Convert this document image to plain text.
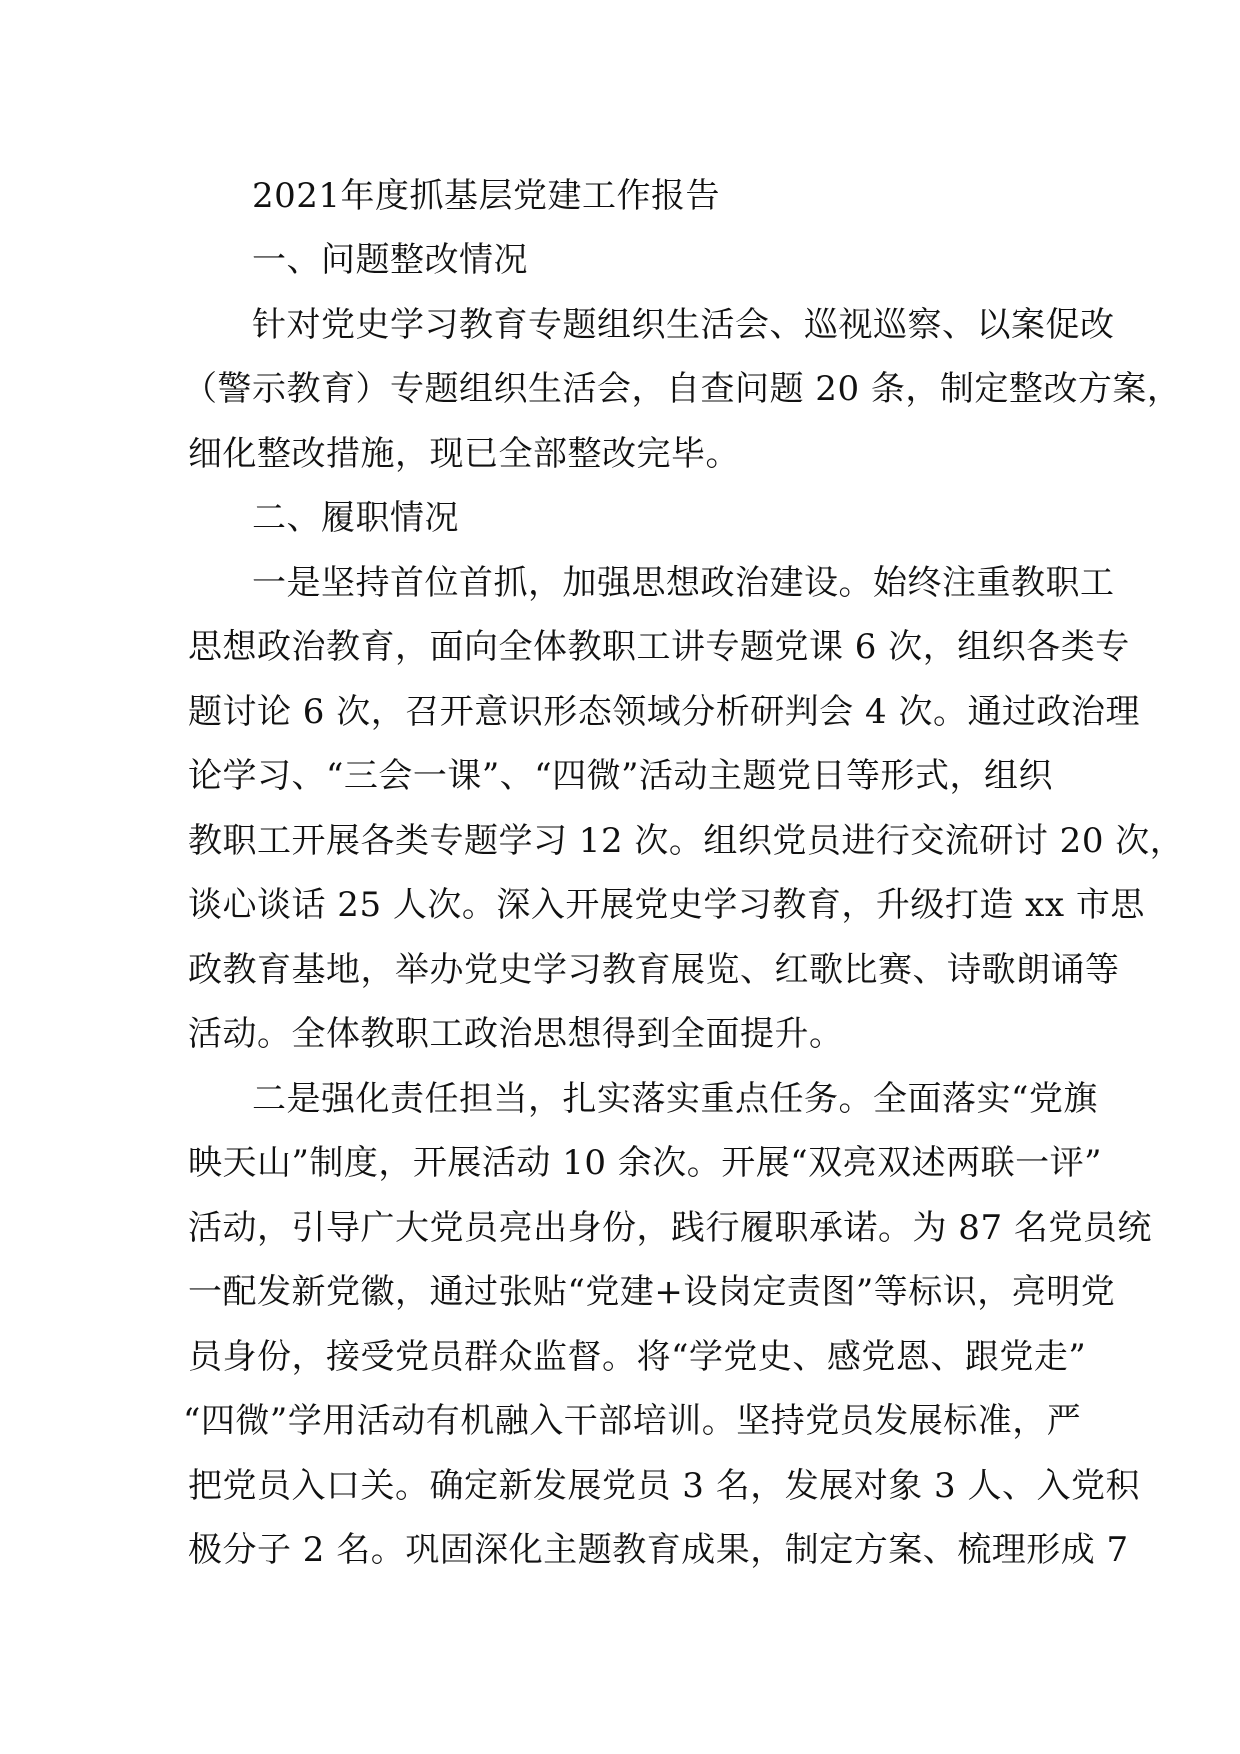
2021年度抓基层党建工作报告
一、问题整改情况
针对党史学习教育专题组织生活会、巡视巡察、以案促改
（警示教育）专题组织生活会，自查问题 20 条，制定整改方案，
细化整改措施，现已全部整改完毕。
二、履职情况
一是坚持首位首抓，加强思想政治建设。始终注重教职工
思想政治教育，面向全体教职工讲专题党课 6 次，组织各类专
题讨论 6 次，召开意识形态领域分析研判会 4 次。通过政治理
论学习、“三会一课”、“四微”活动主题党日等形式，组织
教职工开展各类专题学习 12 次。组织党员进行交流研讨 20 次，
谈心谈话 25 人次。深入开展党史学习教育，升级打造 xx 市思
政教育基地，举办党史学习教育展览、红歌比赛、诗歌朗诵等
活动。全体教职工政治思想得到全面提升。
二是强化责任担当，扎实落实重点任务。全面落实“党旗
映天山”制度，开展活动 10 余次。开展“双亮双述两联一评”
活动，引导广大党员亮出身份，践行履职承诺。为 87 名党员统
一配发新党徽，通过张贴“党建+设岗定责图”等标识，亮明党
员身份，接受党员群众监督。将“学党史、感党恩、跟党走”
“四微”学用活动有机融入干部培训。坚持党员发展标准，严
把党员入口关。确定新发展党员 3 名，发展对象 3 人、入党积
极分子 2 名。巩固深化主题教育成果，制定方案、梳理形成 7
